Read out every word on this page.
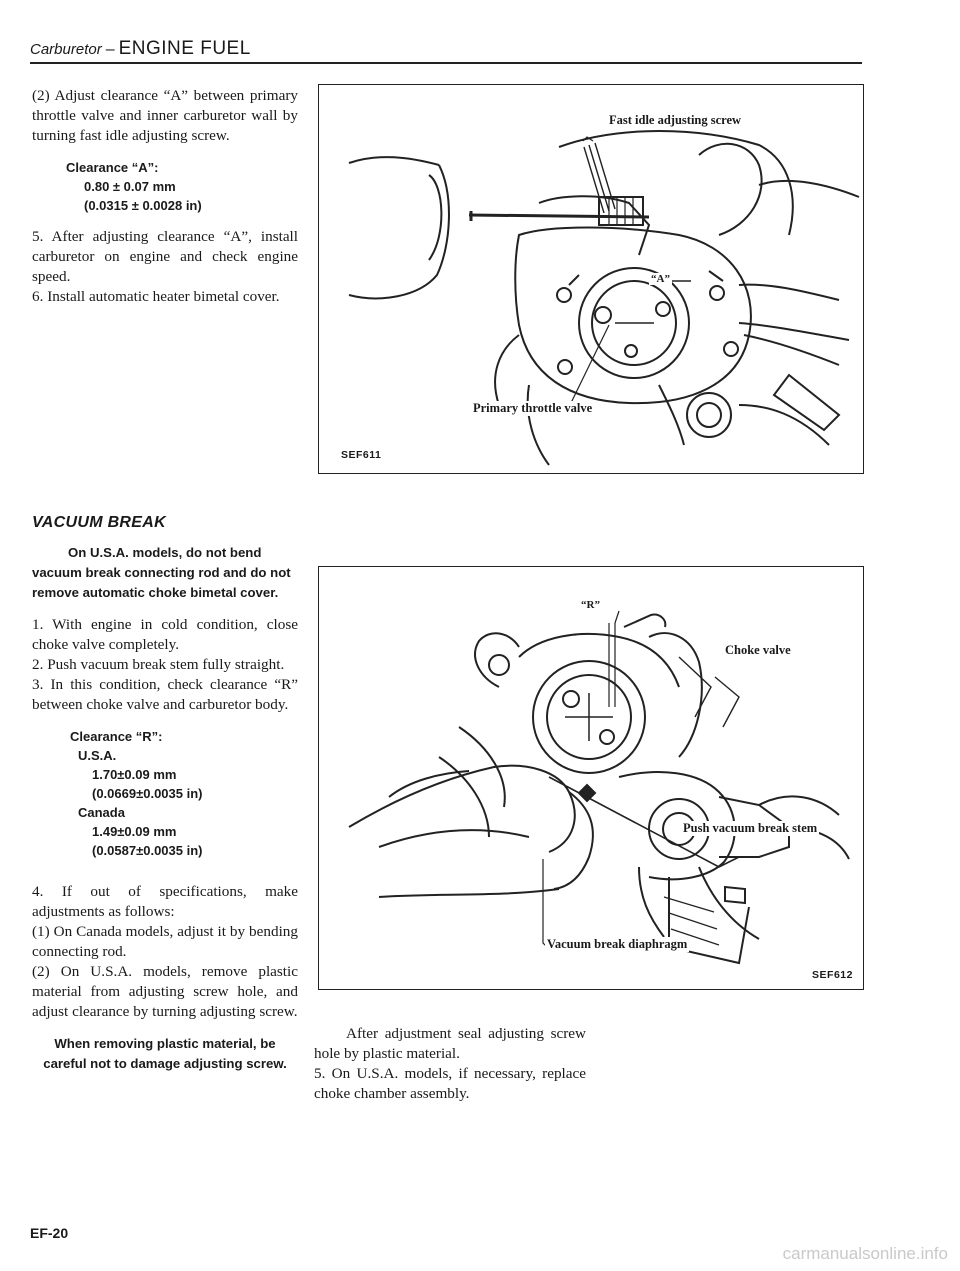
Carburetor – ENGINE FUEL

(2) Adjust clearance “A” between primary throttle valve and inner carburetor wall by turning fast idle adjusting screw.

Clearance “A”:
0.80 ± 0.07 mm
(0.0315 ± 0.0028 in)

5. After adjusting clearance “A”, install carburetor on engine and check engine speed.

6. Install automatic heater bimetal cover.

VACUUM BREAK
On U.S.A. models, do not bend vacuum break connecting rod and do not remove automatic choke bimetal cover.

1. With engine in cold condition, close choke valve completely.

2. Push vacuum break stem fully straight.

3. In this condition, check clearance “R” between choke valve and carburetor body.

Clearance “R”:
U.S.A.
1.70±0.09 mm
(0.0669±0.0035 in)
Canada
1.49±0.09 mm
(0.0587±0.0035 in)

4. If out of specifications, make adjustments as follows:

(1) On Canada models, adjust it by bending connecting rod.

(2) On U.S.A. models, remove plastic material from adjusting screw hole, and adjust clearance by turning adjusting screw.

When removing plastic material, be careful not to damage adjusting screw.
Fast idle adjusting screw
“A”
Primary throttle valve
SEF611
“R”
Choke valve
Push vacuum break stem
Vacuum break diaphragm
SEF612

After adjustment seal adjusting screw hole by plastic material.

5. On U.S.A. models, if necessary, replace choke chamber assembly.

EF-20
carmanualsonline.info
